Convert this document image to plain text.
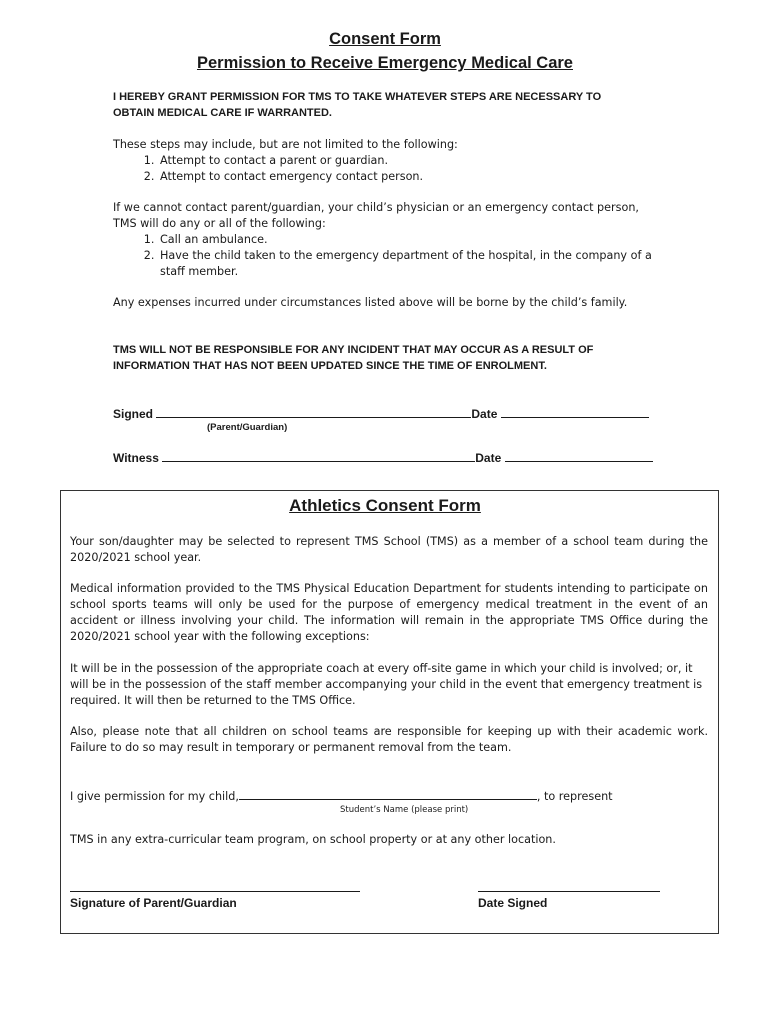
Consent Form
Permission to Receive Emergency Medical Care
I HEREBY GRANT PERMISSION FOR TMS TO TAKE WHATEVER STEPS ARE NECESSARY TO OBTAIN MEDICAL CARE IF WARRANTED.
These steps may include, but are not limited to the following:
1. Attempt to contact a parent or guardian.
2. Attempt to contact emergency contact person.
If we cannot contact parent/guardian, your child’s physician or an emergency contact person, TMS will do any or all of the following:
1. Call an ambulance.
2. Have the child taken to the emergency department of the hospital, in the company of a staff member.
Any expenses incurred under circumstances listed above will be borne by the child’s family.
TMS WILL NOT BE RESPONSIBLE FOR ANY INCIDENT THAT MAY OCCUR AS A RESULT OF INFORMATION THAT HAS NOT BEEN UPDATED SINCE THE TIME OF ENROLMENT.
Signed	Date
(Parent/Guardian)
Witness	Date
Athletics Consent Form
Your son/daughter may be selected to represent TMS School (TMS) as a member of a school team during the 2020/2021 school year.
Medical information provided to the TMS Physical Education Department for students intending to participate on school sports teams will only be used for the purpose of emergency medical treatment in the event of an accident or illness involving your child. The information will remain in the appropriate TMS Office during the 2020/2021 school year with the following exceptions:
It will be in the possession of the appropriate coach at every off-site game in which your child is involved; or, it will be in the possession of the staff member accompanying your child in the event that emergency treatment is required. It will then be returned to the TMS Office.
Also, please note that all children on school teams are responsible for keeping up with their academic work. Failure to do so may result in temporary or permanent removal from the team.
I give permission for my child,	, to represent
Student’s Name (please print)
TMS in any extra-curricular team program, on school property or at any other location.
Signature of Parent/Guardian	Date Signed
